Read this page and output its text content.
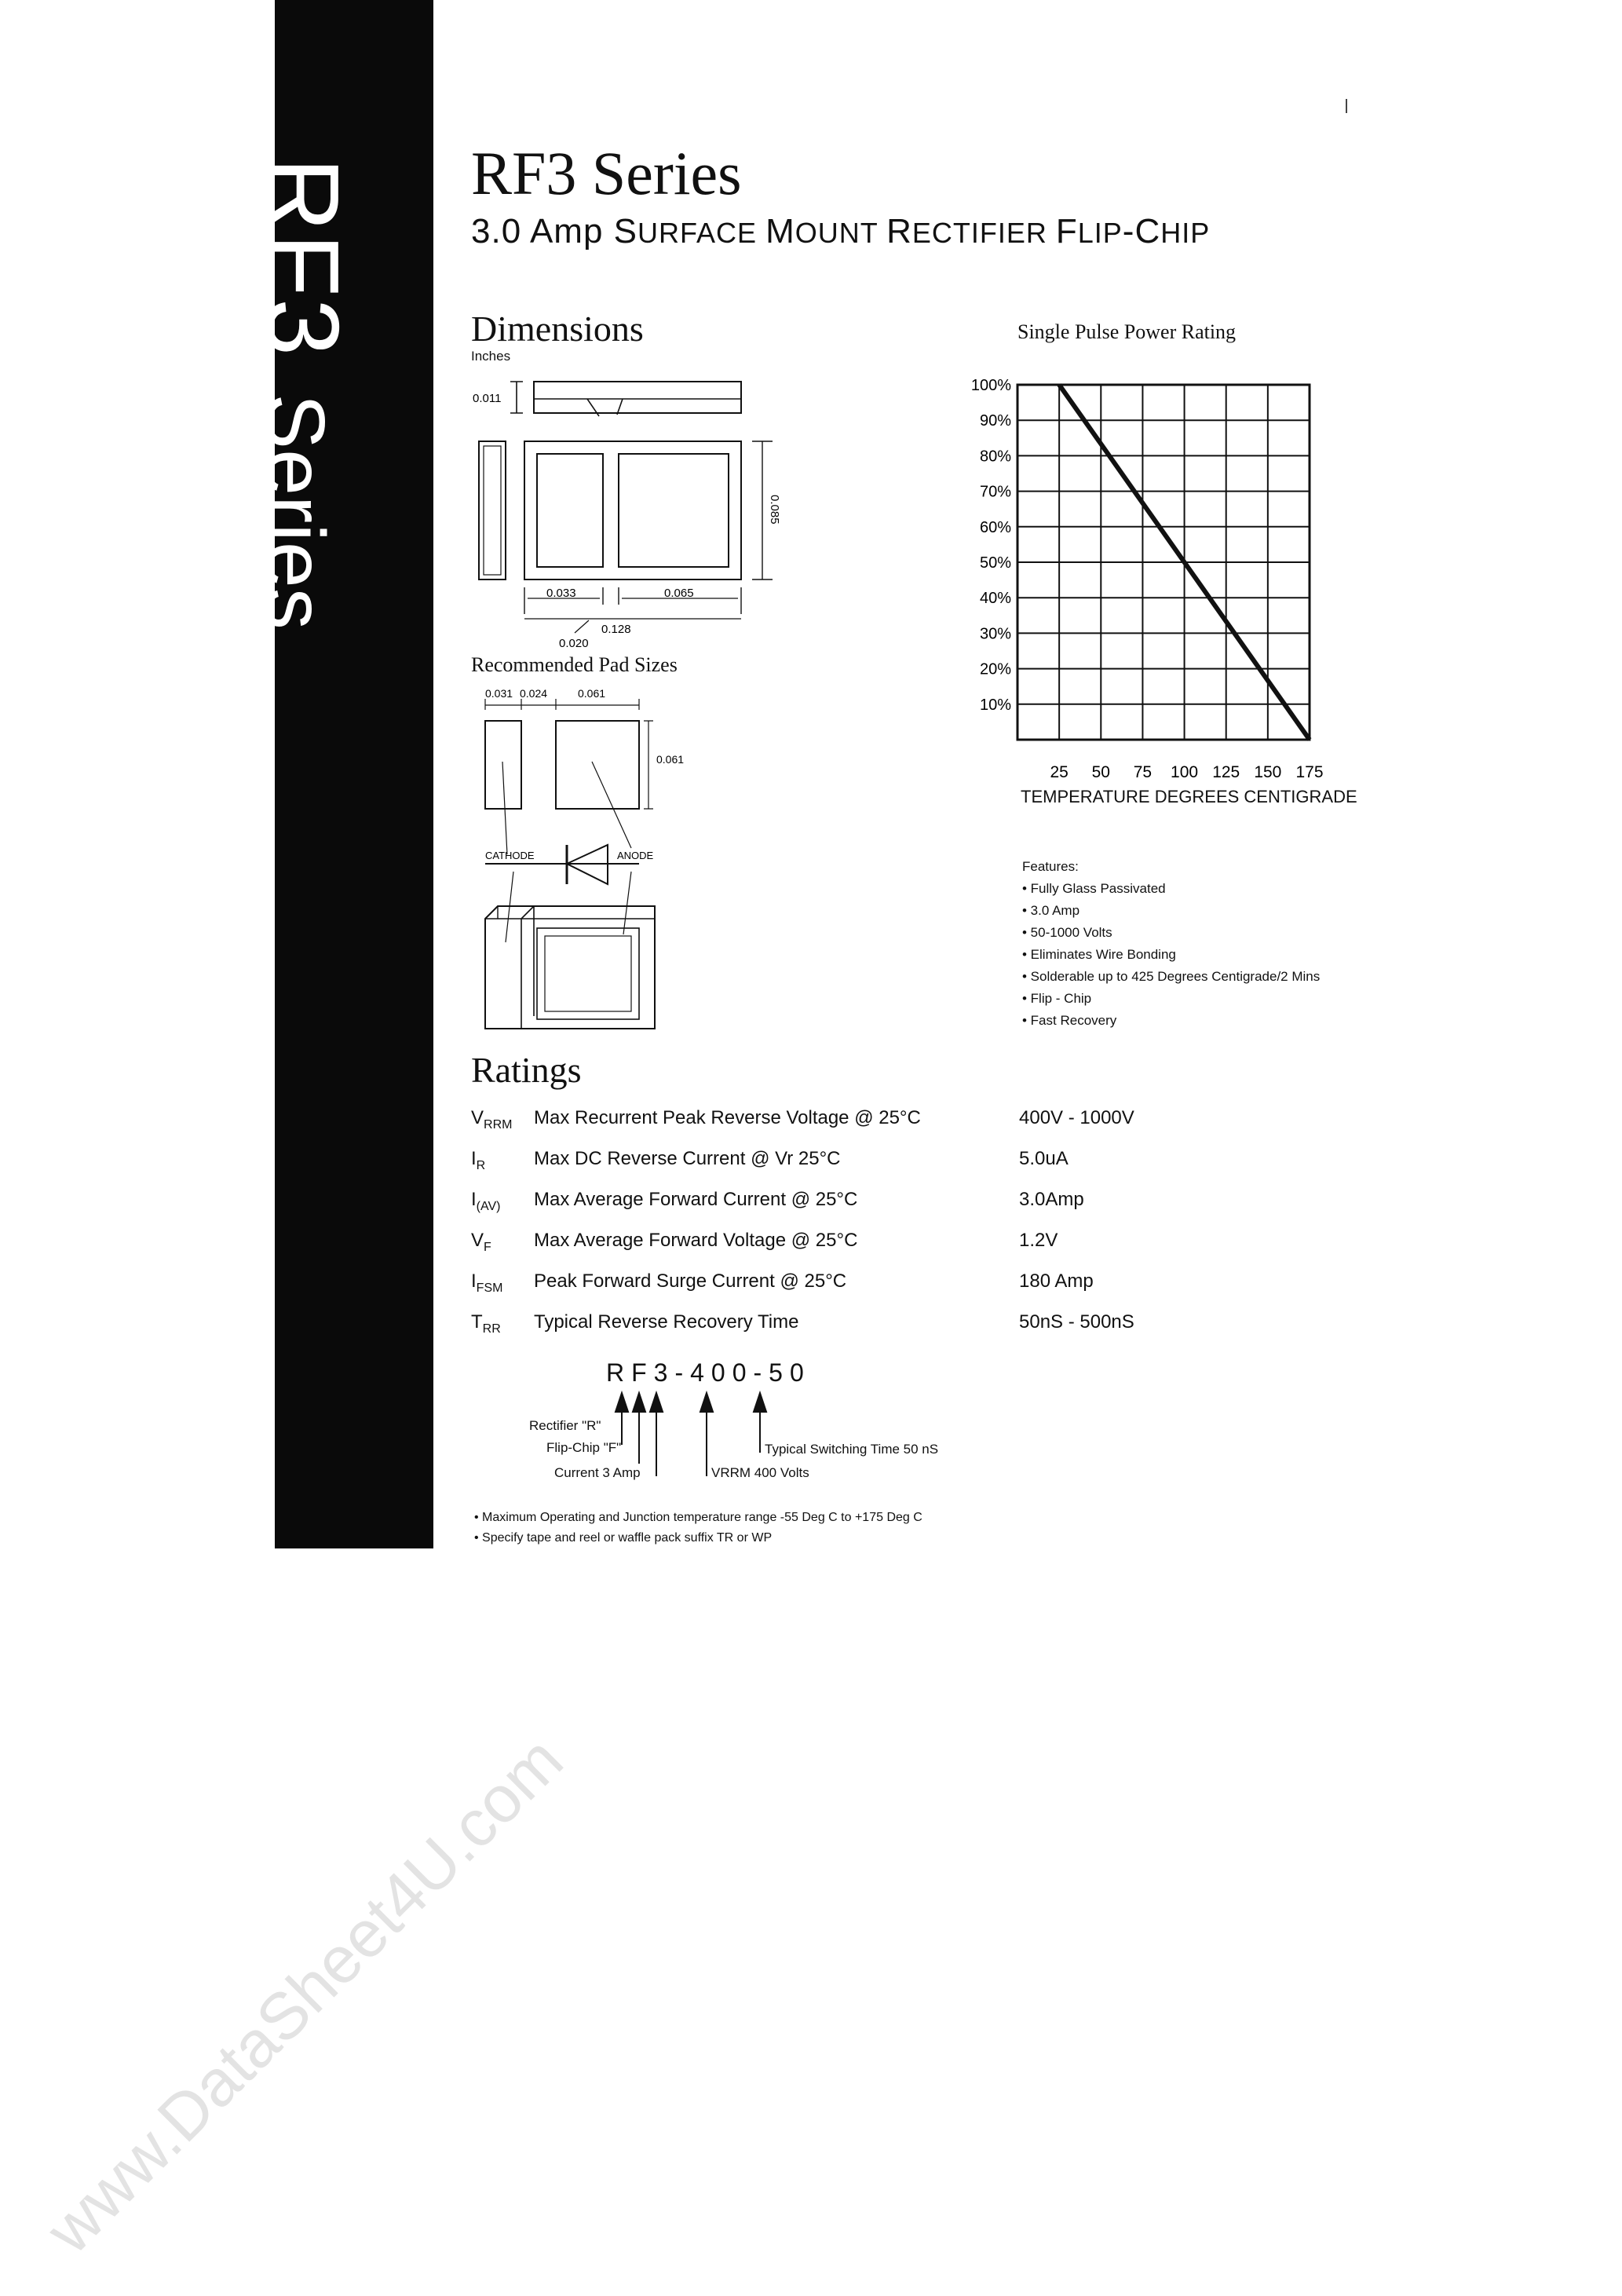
RF3Series
RF3 Series
3.0 Amp SURFACE MOUNT RECTIFIER FLIP-CHIP
Dimensions
Inches
0.011
0.085
0.033	0.065
0.128
0.020
Recommended Pad Sizes
0.031 0.024	0.061
0.061
CATHODE	ANODE
Single Pulse Power Rating
100%
90%
80%
70%
60%
50%
40%
30%
20%
10%
25 50 75 100 125 150 175
TEMPERATURE DEGREES CENTIGRADE
Features:
• Fully Glass Passivated
• 3.0 Amp
• 50-1000 Volts
• Eliminates Wire Bonding
• Solderable up to 425 Degrees Centigrade/2 Mins
• Flip - Chip
• Fast Recovery
Ratings
$V_{RRM}$ Max Recurrent Peak Reverse Voltage @ 25°C	400V - 1000V
$I_R$	Max DC Reverse Current @ Vr 25°C	5.0uA
$I_{(AV)}$ Max Average Forward Current @ 25°C	3.0Amp
$V_F$ Max Average Forward Voltage @ 25°C	1.2V
$I_{FSM}$ Peak Forward Surge Current @ 25°C	180 Amp
$T_{RR}$ Typical Reverse Recovery Time	50nS - 500nS
RF3-400-50
Rectifier "R"
Flip-Chip "F"
Current 3 Amp	VRRM 400 Volts
Typical Switching Time 50 nS
• Maximum Operating and Junction temperature range -55 Deg C to +175 Deg C
• Specify tape and reel or waffle pack suffix TR or WP
www.DataSheet4U.com
